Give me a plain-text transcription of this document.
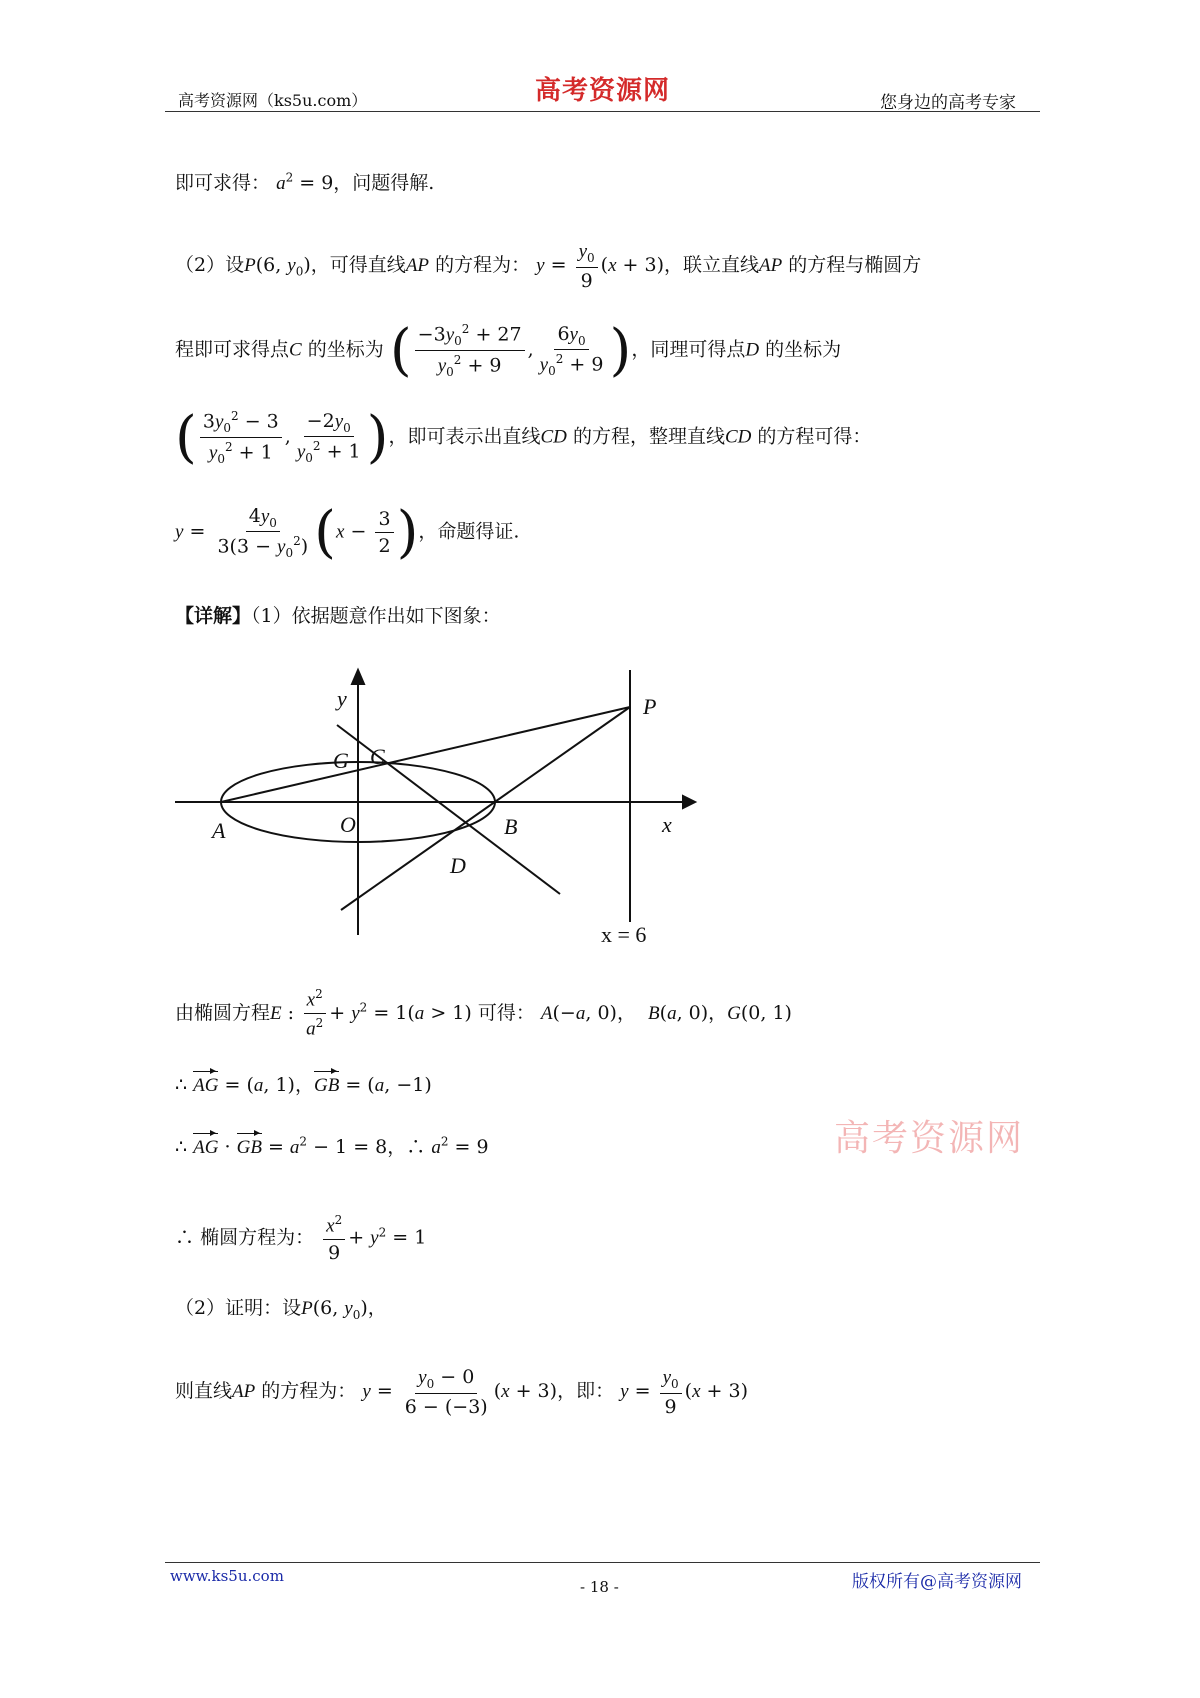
高考资源网（ks5u.com）	高考资源网	您身边的高考专家
即可求得： $a^2 = 9$，问题得解.
（2）设P(6, $y_0$)，可得直线AP 的方程为： $y = \frac{y_0}{9} (x + 3)$，联立直线AP 的方程与椭圆方
程即可求得点C 的坐标为 ( $\frac{-3y_0^2 + 27}{y_0^2 + 9}$ , $\frac{6y_0}{y_0^2 + 9}$ )，同理可得点D 的坐标为
( $\frac{3y_0^2 - 3}{y_0^2 + 1}$ , $\frac{-2y_0}{y_0^2 + 1}$ )，即可表示出直线CD 的方程，整理直线CD 的方程可得：
$y = \frac{4y_0}{3(3 - y_0^2)} (x - \frac{3}{2}$ )，命题得证.
【详解】（1）依据题意作出如下图象：
y
x
O
A	B
C
D
G
P
x = 6
由椭圆方程E : $\frac{x^2}{a^2} + y^2 = 1(a > 1)$ 可得： A(−a, 0)，  B(a, 0)，G(0, 1)
∴ AG = (a, 1)，GB = (a, −1)
∴ AG · GB = $a^2 - 1 = 8$，∴ $a^2 = 9$
∴ 椭圆方程为： $\frac{x^2}{9} + y^2 = 1$
（2）证明：设P(6, $y_0$)，
则直线AP 的方程为： $y = \frac{y_0 - 0}{6 - (-3)} (x + 3)$，即： $y = \frac{y_0}{9} (x + 3)$
高考资源网
www.ks5u.com
- 18 -	版权所有@高考资源网
